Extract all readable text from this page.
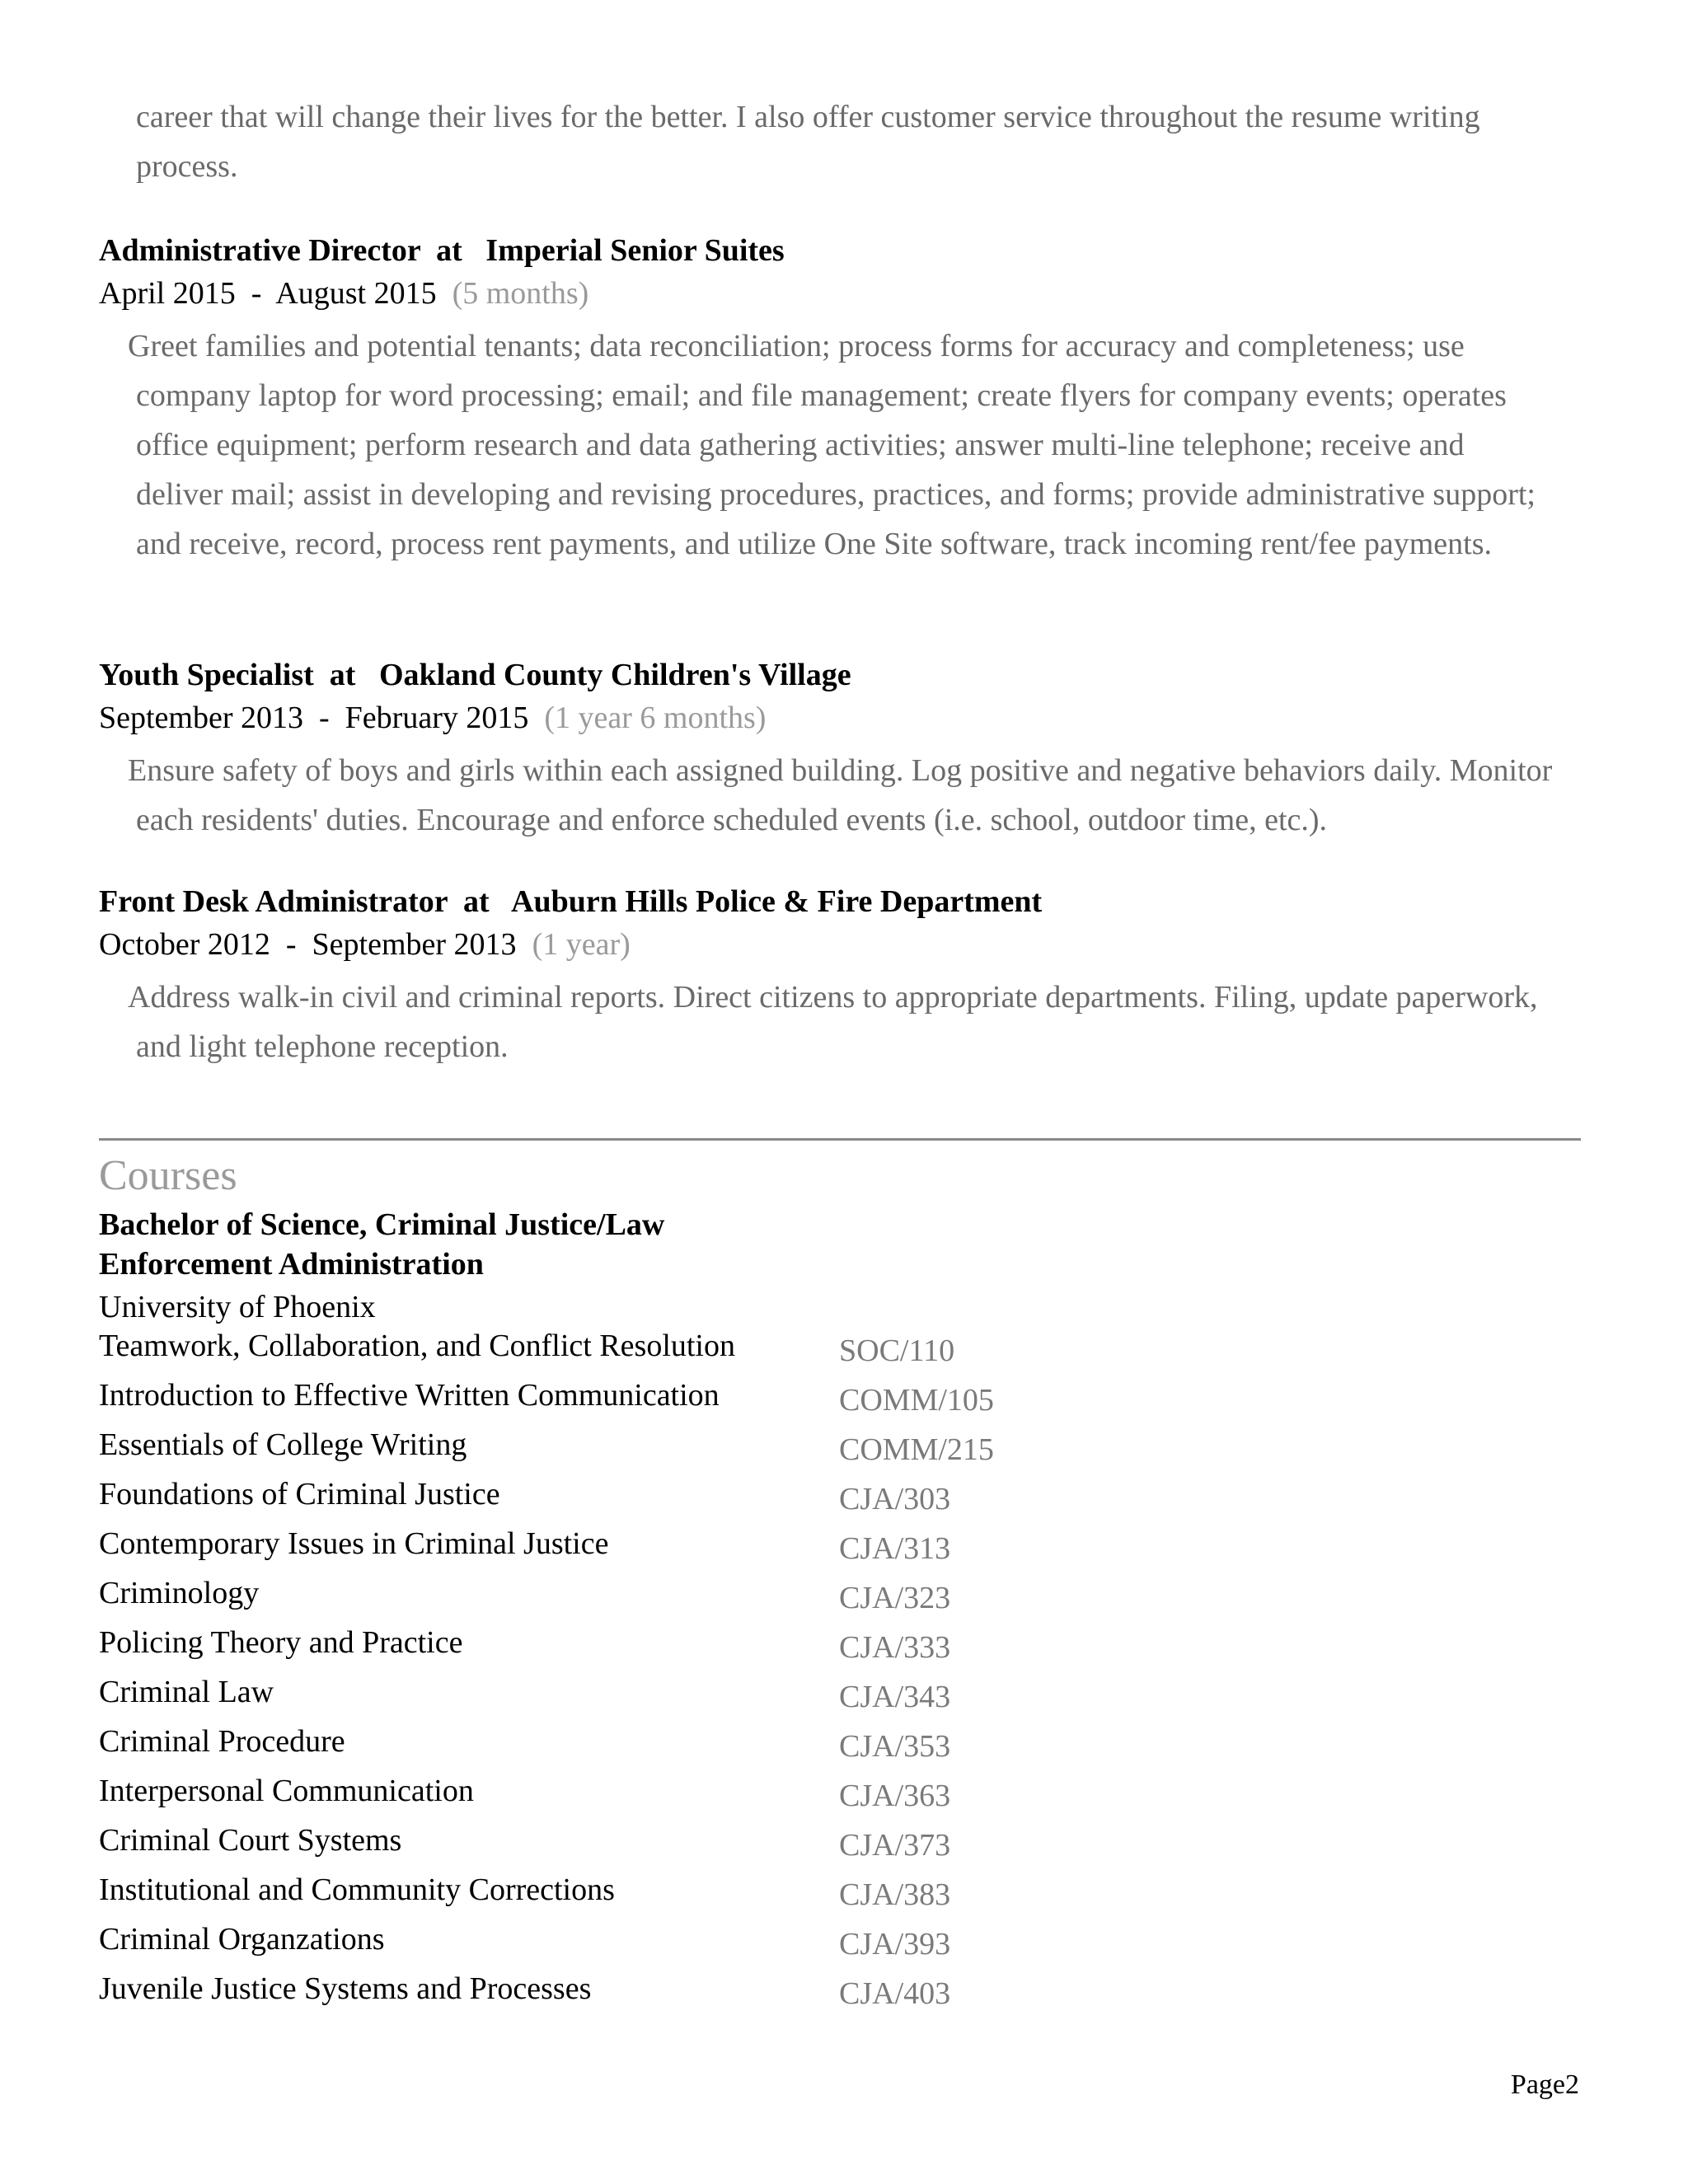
career that will change their lives for the better. I also offer customer service throughout the resume writing process.

Administrative Director at Imperial Senior Suites
April 2015 - August 2015 (5 months)
Greet families and potential tenants; data reconciliation; process forms for accuracy and completeness; use company laptop for word processing; email; and file management; create flyers for company events; operates office equipment; perform research and data gathering activities; answer multi-line telephone; receive and deliver mail; assist in developing and revising procedures, practices, and forms; provide administrative support; and receive, record, process rent payments, and utilize One Site software, track incoming rent/fee payments.
Youth Specialist at Oakland County Children's Village
September 2013 - February 2015 (1 year 6 months)
Ensure safety of boys and girls within each assigned building. Log positive and negative behaviors daily. Monitor each residents' duties. Encourage and enforce scheduled events (i.e. school, outdoor time, etc.).
Front Desk Administrator at Auburn Hills Police & Fire Department
October 2012 - September 2013 (1 year)
Address walk-in civil and criminal reports. Direct citizens to appropriate departments. Filing, update paperwork, and light telephone reception.
Courses
Bachelor of Science, Criminal Justice/Law Enforcement Administration
University of Phoenix
Teamwork, Collaboration, and Conflict Resolution	SOC/110
Introduction to Effective Written Communication	COMM/105
Essentials of College Writing	COMM/215
Foundations of Criminal Justice	CJA/303
Contemporary Issues in Criminal Justice	CJA/313
Criminology	CJA/323
Policing Theory and Practice	CJA/333
Criminal Law	CJA/343
Criminal Procedure	CJA/353
Interpersonal Communication	CJA/363
Criminal Court Systems	CJA/373
Institutional and Community Corrections	CJA/383
Criminal Organzations	CJA/393
Juvenile Justice Systems and Processes	CJA/403
Page2
